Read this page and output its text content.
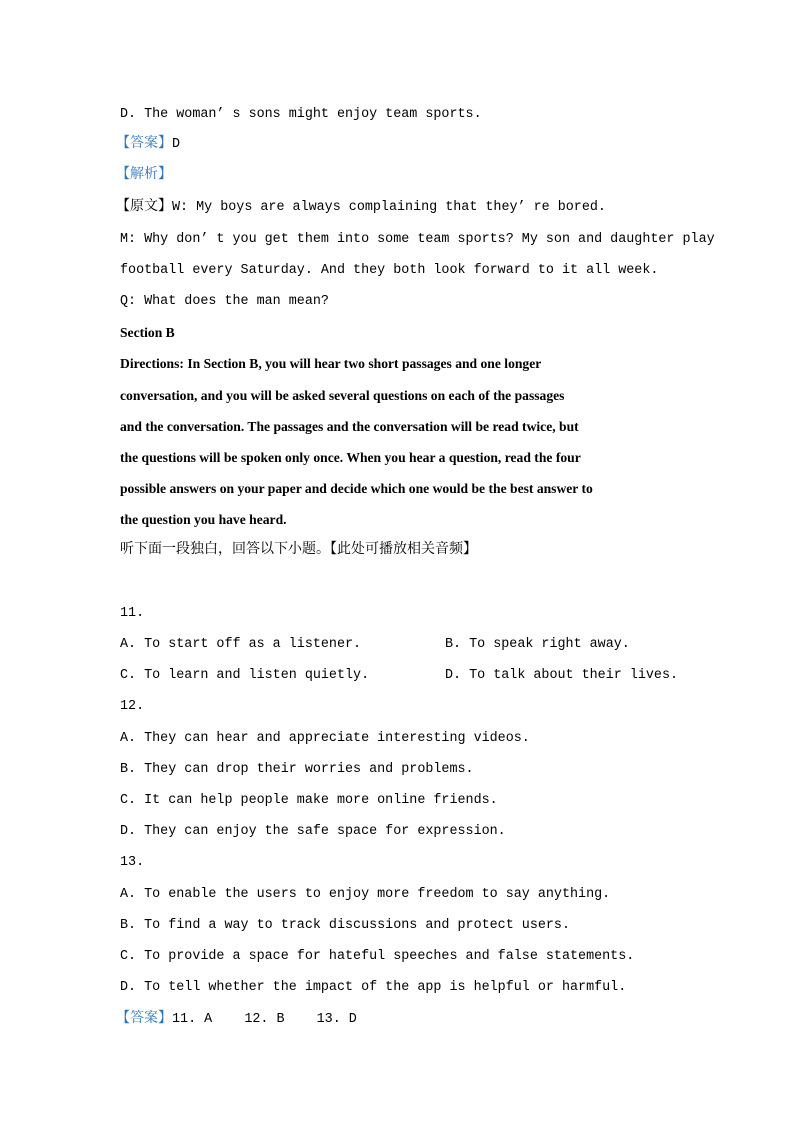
D. The woman’ s sons might enjoy team sports.
【答案】D
【解析】
【原文】W: My boys are always complaining that they’ re bored.
M: Why don’ t you get them into some team sports? My son and daughter play
football every Saturday. And they both look forward to it all week.
Q: What does the man mean?
Section B
Directions: In Section B, you will hear two short passages and one longer
conversation, and you will be asked several questions on each of the passages
and the conversation. The passages and the conversation will be read twice, but
the questions will be spoken only once. When you hear a question, read the four
possible answers on your paper and decide which one would be the best answer to
the question you have heard.
听下面一段独白，回答以下小题。【此处可播放相关音频】
11.
A. To start off as a listener.	B. To speak right away.
C. To learn and listen quietly.	D. To talk about their lives.
12.
A. They can hear and appreciate interesting videos.
B. They can drop their worries and problems.
C. It can help people make more online friends.
D. They can enjoy the safe space for expression.
13.
A. To enable the users to enjoy more freedom to say anything.
B. To find a way to track discussions and protect users.
C. To provide a space for hateful speeches and false statements.
D. To tell whether the impact of the app is helpful or harmful.
【答案】11. A    12. B    13. D
